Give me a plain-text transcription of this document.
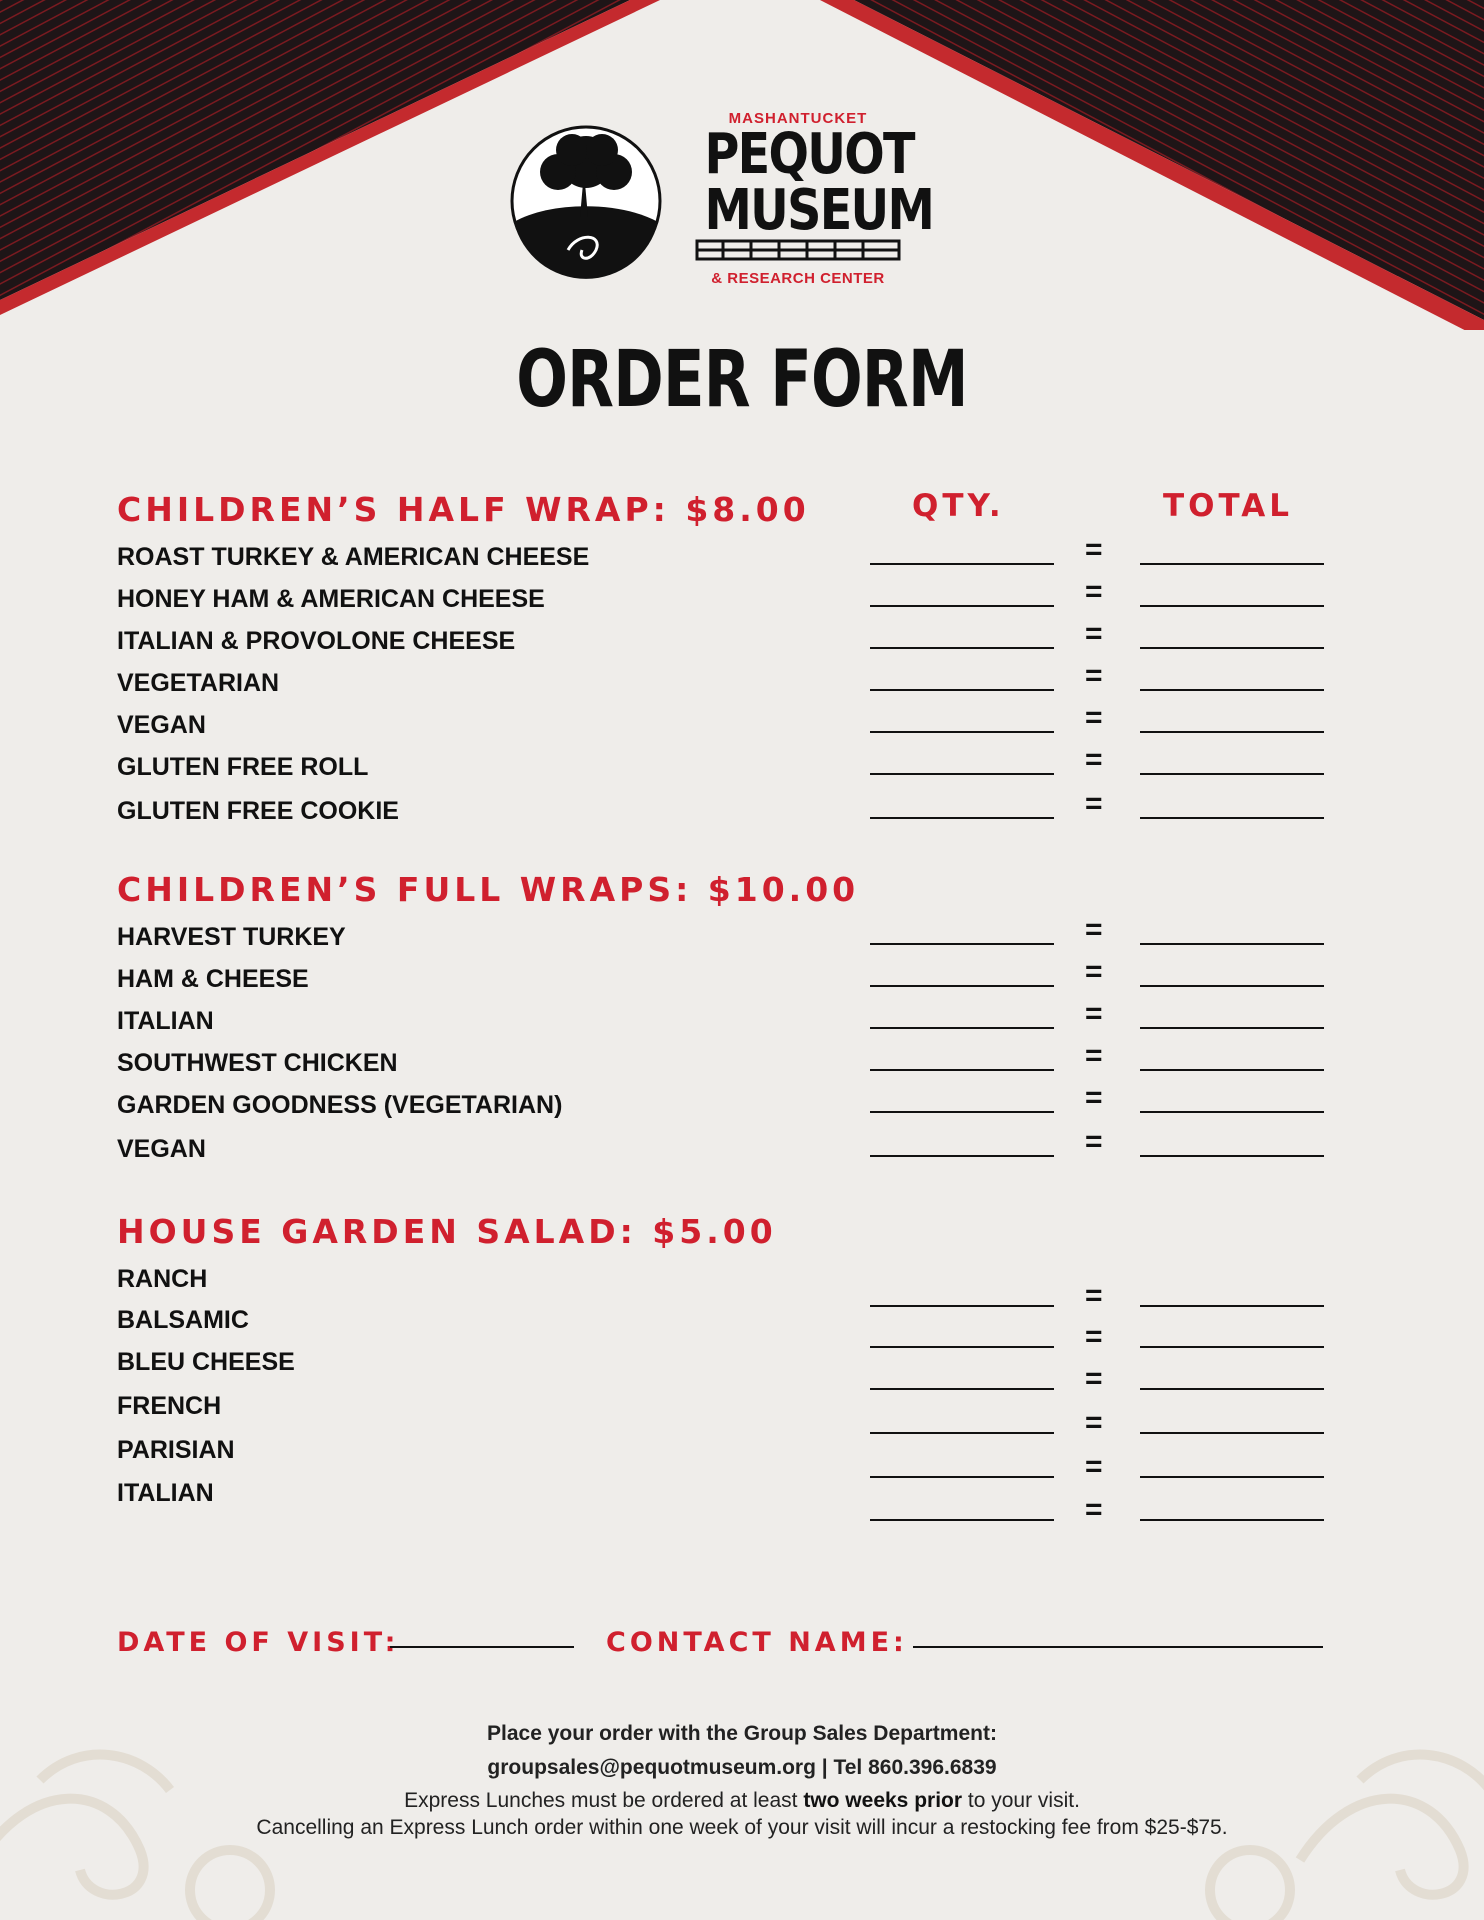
MASHANTUCKET
PEQUOT
MUSEUM
& RESEARCH CENTER
ORDER FORM
QTY.	TOTAL
CHILDREN’S HALF WRAP: $8.00
ROAST TURKEY & AMERICAN CHEESE	=
HONEY HAM & AMERICAN CHEESE	=
ITALIAN & PROVOLONE CHEESE	=
VEGETARIAN	=
VEGAN	=
GLUTEN FREE ROLL	=
GLUTEN FREE COOKIE	=
CHILDREN’S FULL WRAPS: $10.00
HARVEST TURKEY	=
HAM & CHEESE	=
ITALIAN	=
SOUTHWEST CHICKEN	=
GARDEN GOODNESS (VEGETARIAN)	=
VEGAN	=
HOUSE GARDEN SALAD: $5.00
RANCH	=
BALSAMIC	=
BLEU CHEESE	=
FRENCH	=
PARISIAN	=
ITALIAN	=
DATE OF VISIT:	CONTACT NAME:
Place your order with the Group Sales Department:
groupsales@pequotmuseum.org | Tel 860.396.6839
Express Lunches must be ordered at least two weeks prior to your visit.
Cancelling an Express Lunch order within one week of your visit will incur a restocking fee from $25-$75.
